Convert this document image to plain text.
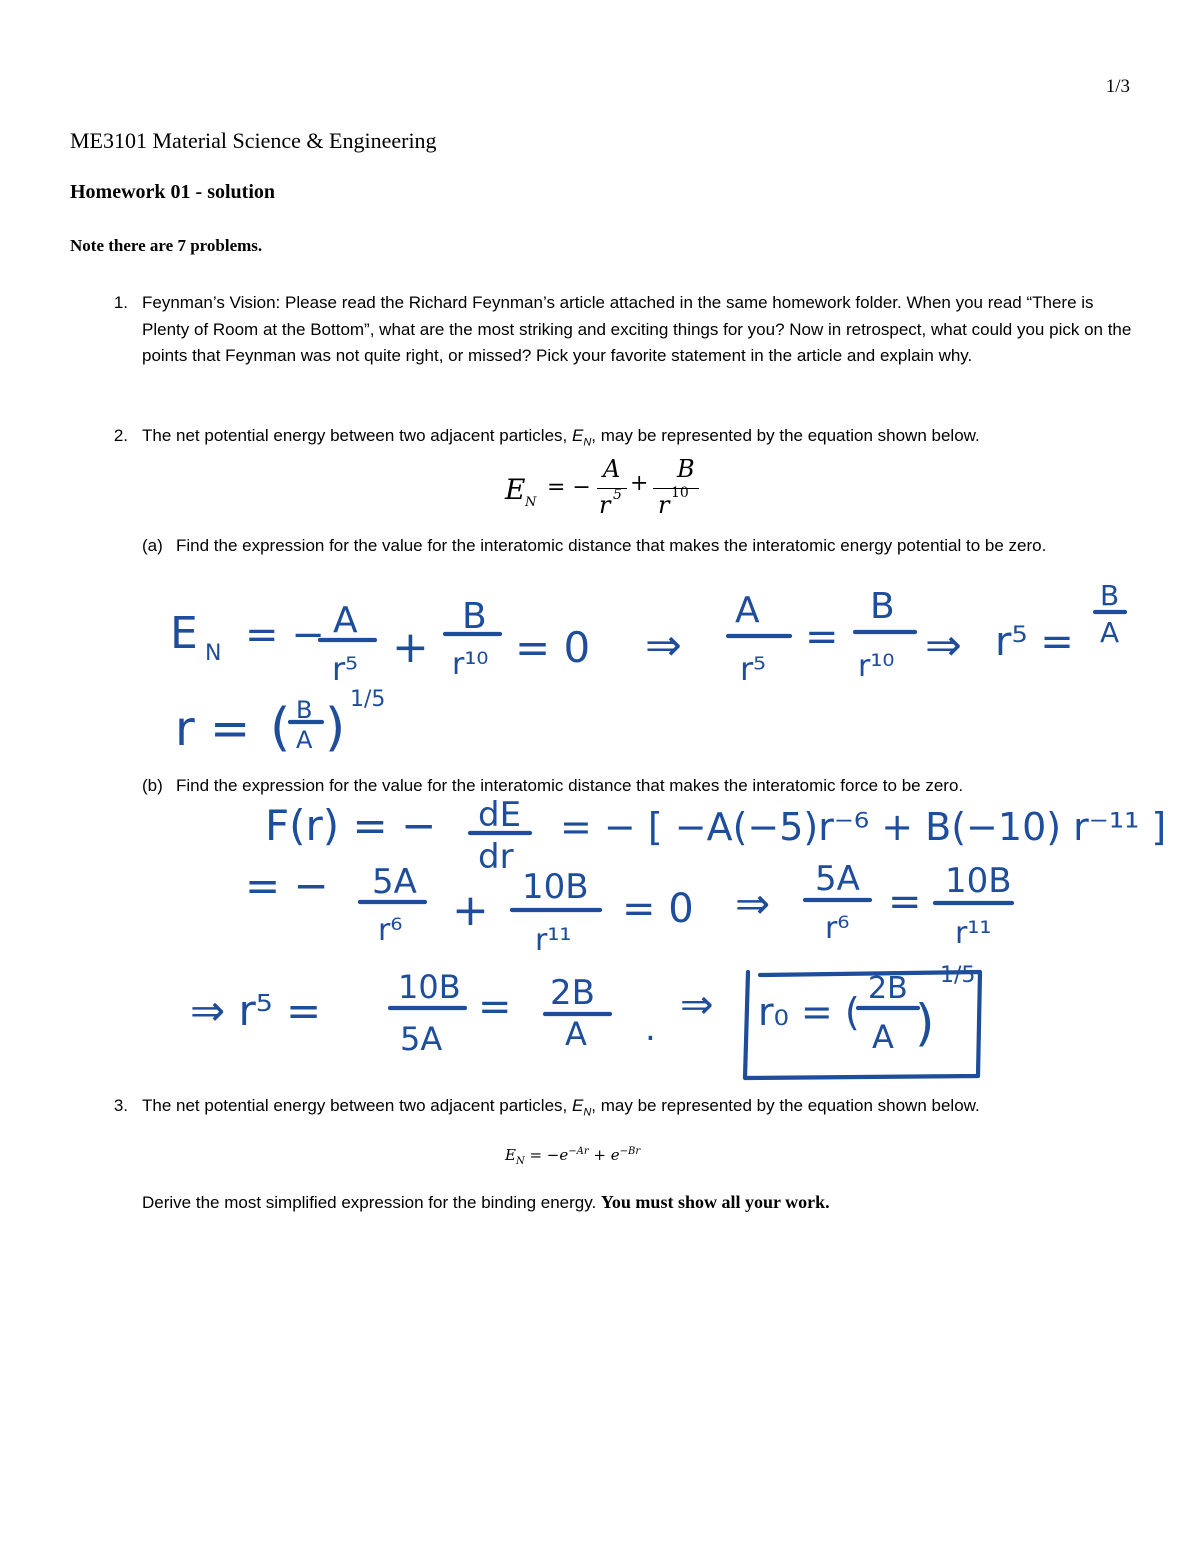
1/3
ME3101 Material Science & Engineering
Homework 01 - solution
Note there are 7 problems.
1. Feynman’s Vision: Please read the Richard Feynman’s article attached in the same homework folder. When you read “There is Plenty of Room at the Bottom”, what are the most striking and exciting things for you? Now in retrospect, what could you pick on the points that Feynman was not quite right, or missed? Pick your favorite statement in the article and explain why.
2. The net potential energy between two adjacent particles, $E_N$, may be represented by the equation shown below.
E N
= −
A
r 5 +
B
r 10
(a) Find the expression for the value for the interatomic distance that makes the interatomic energy potential to be zero.
E N = − A
r⁵ +
B
r¹⁰ = 0 ⇒
A
r⁵
=
B
r¹⁰ ⇒ r⁵ =
B
A
r = ( B
A ) 1/5
(b) Find the expression for the value for the interatomic distance that makes the interatomic force to be zero.
F(r) = − dE
dr
= − [ −A(−5)r⁻⁶ + B(−10) r⁻¹¹ ]
= − 5A
r⁶ + 10B
r¹¹
= 0 ⇒ 5A
r⁶
= 10B
r¹¹
⇒ r⁵ = 10B
5A
= 2B
A .
⇒ r₀ = (
2B
A )
1/5
3. The net potential energy between two adjacent particles, $E_N$, may be represented by the equation shown below.
$E_N = -e^{-Ar} + e^{-Br}$
Derive the most simplified expression for the binding energy. You must show all your work.
